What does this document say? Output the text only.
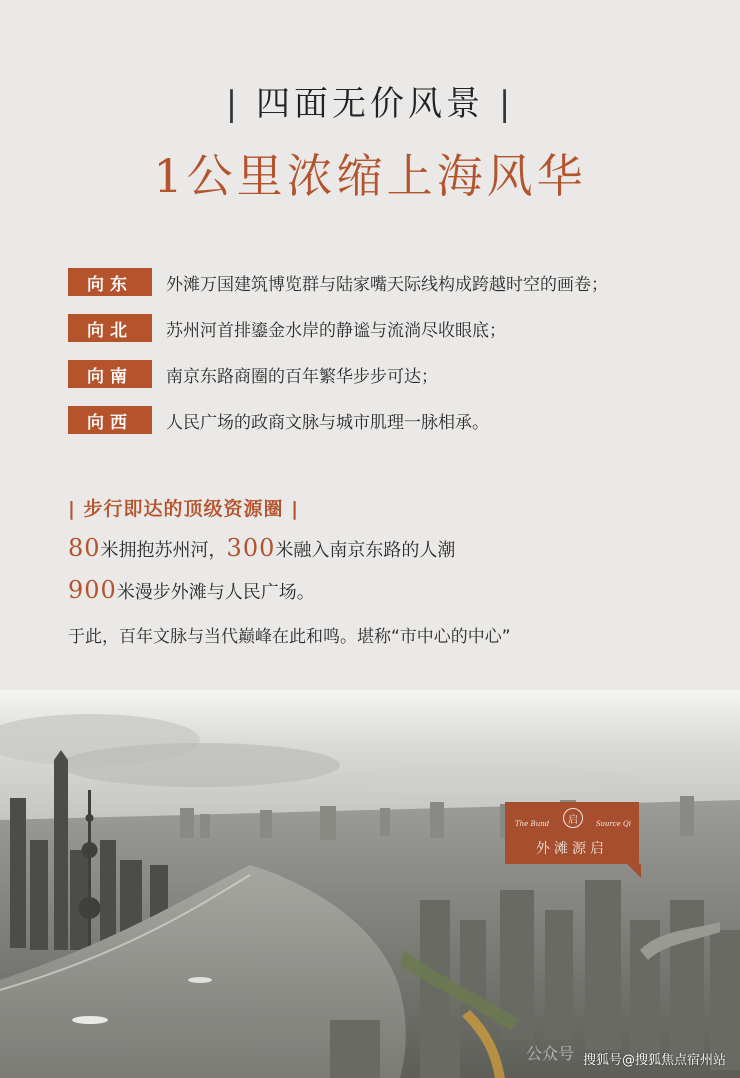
| 四面无价风景 |
1公里浓缩上海风华
向东	外滩万国建筑博览群与陆家嘴天际线构成跨越时空的画卷；
向北	苏州河首排鎏金水岸的静谧与流淌尽收眼底；
向南	南京东路商圈的百年繁华步步可达；
向西	人民广场的政商文脉与城市肌理一脉相承。
| 步行即达的顶级资源圈 |
80米拥抱苏州河，300米融入南京东路的人潮
900米漫步外滩与人民广场。
于此，百年文脉与当代巅峰在此和鸣。堪称“市中心的中心”
The Bund	启	Source Qi
外滩源启
公众号 搜狐号@搜狐焦点宿州站
